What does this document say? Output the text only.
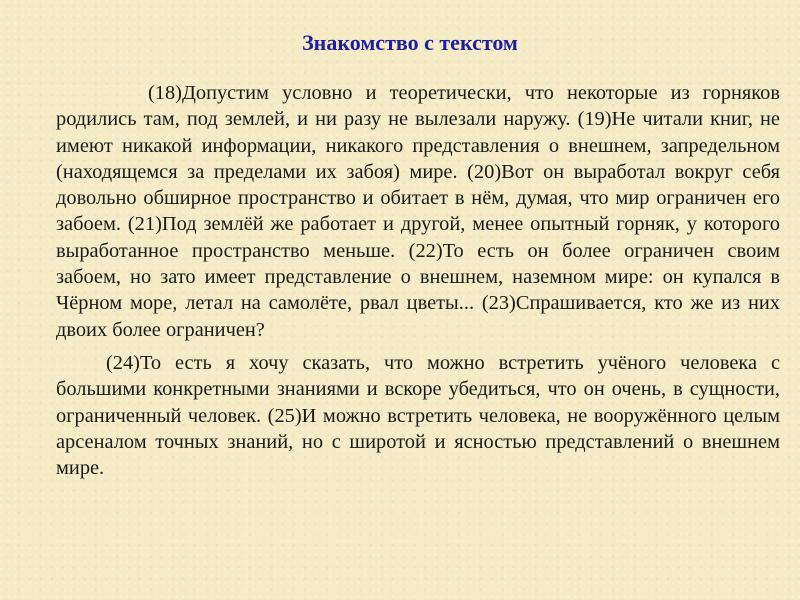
Знакомство с текстом

(18)Допустим условно и теоретически, что некоторые из горняков родились там, под землей, и ни разу не вылезали наружу. (19)Не читали книг, не имеют никакой информации, никакого представления о внешнем, запредельном (находящемся за пределами их забоя) мире. (20)Вот он выработал вокруг себя довольно обширное пространство и обитает в нём, думая, что мир ограничен его забоем. (21)Под землёй же работает и другой, менее опытный горняк, у которого выработанное пространство меньше. (22)То есть он более ограничен своим забоем, но зато имеет представление о внешнем, наземном мире: он купался в Чёрном море, летал на самолёте, рвал цветы... (23)Спрашивается, кто же из них двоих более ограничен?

(24)То есть я хочу сказать, что можно встретить учёного человека с большими конкретными знаниями и вскоре убедиться, что он очень, в сущности, ограниченный человек. (25)И можно встретить человека, не вооружённого целым арсеналом точных знаний, но с широтой и ясностью представлений о внешнем мире.
